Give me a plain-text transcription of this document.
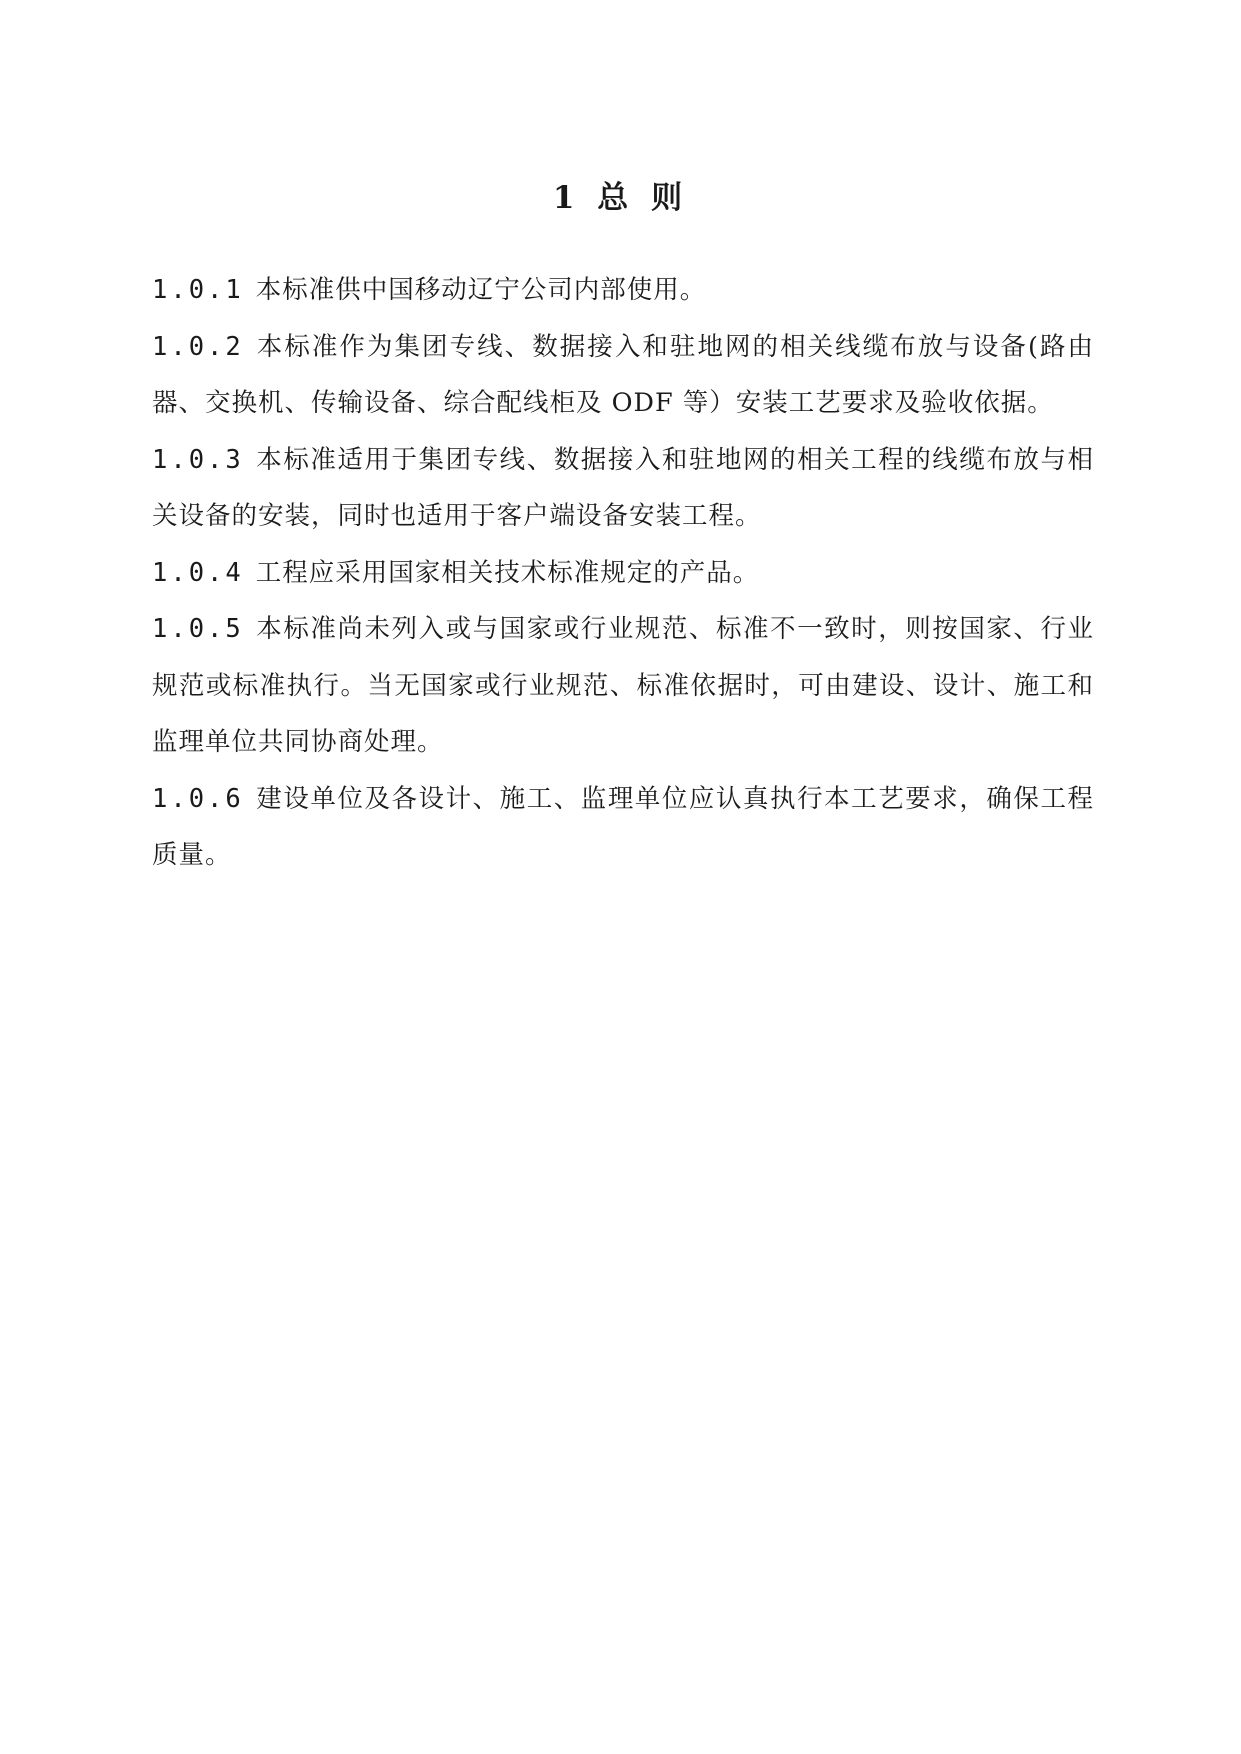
1 总 则

1.0.1 本标准供中国移动辽宁公司内部使用。

1.0.2 本标准作为集团专线、数据接入和驻地网的相关线缆布放与设备(路由器、交换机、传输设备、综合配线柜及 ODF 等）安装工艺要求及验收依据。

1.0.3 本标准适用于集团专线、数据接入和驻地网的相关工程的线缆布放与相关设备的安装，同时也适用于客户端设备安装工程。

1.0.4 工程应采用国家相关技术标准规定的产品。

1.0.5 本标准尚未列入或与国家或行业规范、标准不一致时，则按国家、行业规范或标准执行。当无国家或行业规范、标准依据时，可由建设、设计、施工和监理单位共同协商处理。

1.0.6 建设单位及各设计、施工、监理单位应认真执行本工艺要求，确保工程质量。
